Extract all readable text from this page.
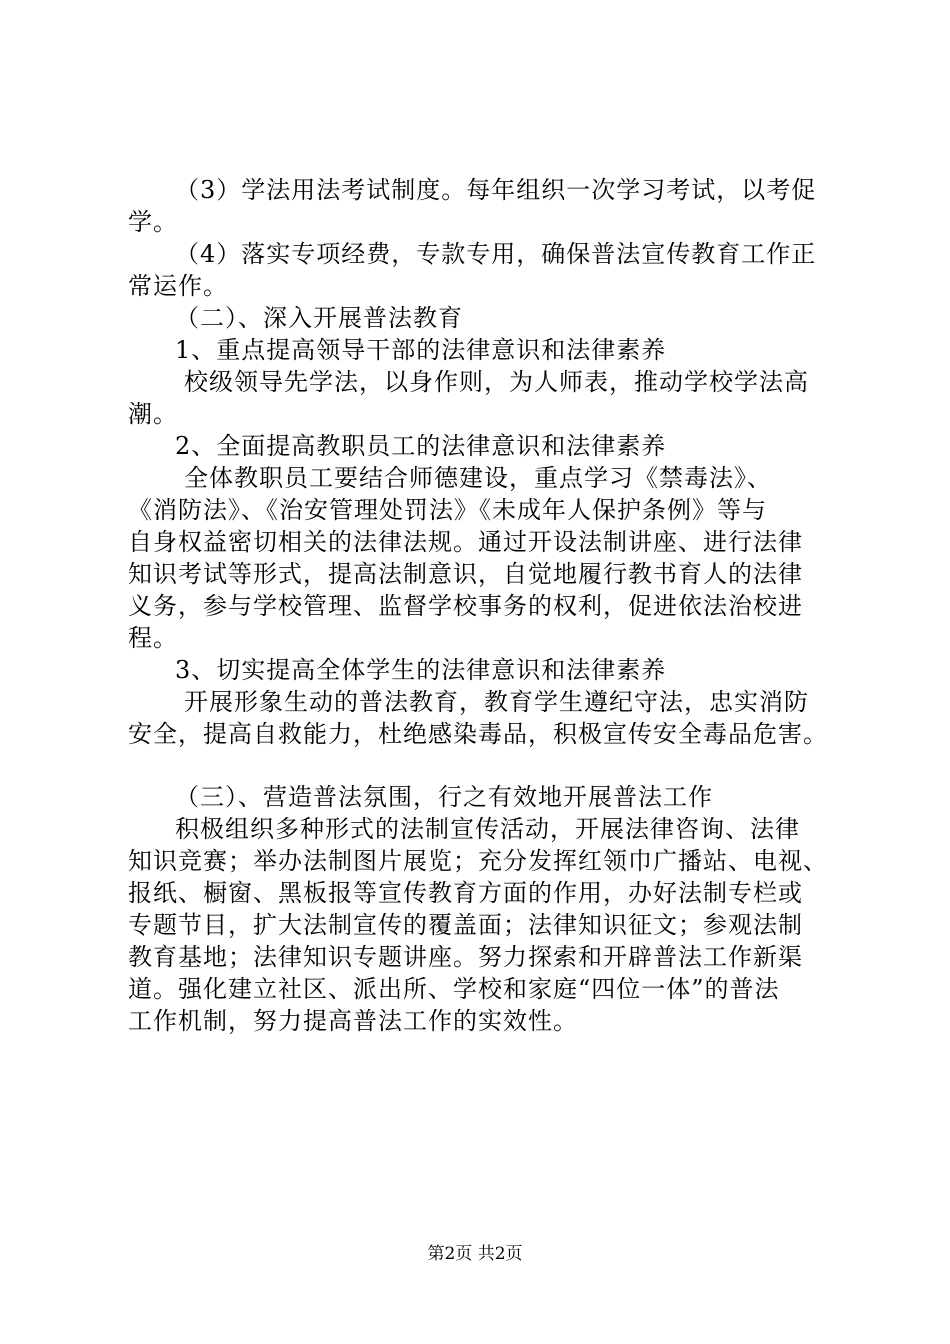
（3）学法用法考试制度。每年组织一次学习考试，以考促
学。
（4）落实专项经费，专款专用，确保普法宣传教育工作正
常运作。
（二）、深入开展普法教育
1、重点提高领导干部的法律意识和法律素养
校级领导先学法，以身作则，为人师表，推动学校学法高
潮。
2、全面提高教职员工的法律意识和法律素养
全体教职员工要结合师德建设，重点学习《禁毒法》、
《消防法》、《治安管理处罚法》《未成年人保护条例》等与
自身权益密切相关的法律法规。通过开设法制讲座、进行法律
知识考试等形式，提高法制意识，自觉地履行教书育人的法律
义务，参与学校管理、监督学校事务的权利，促进依法治校进
程。
3、切实提高全体学生的法律意识和法律素养
开展形象生动的普法教育，教育学生遵纪守法，忠实消防
安全，提高自救能力，杜绝感染毒品，积极宣传安全毒品危害。
（三）、营造普法氛围，行之有效地开展普法工作
积极组织多种形式的法制宣传活动，开展法律咨询、法律
知识竞赛；举办法制图片展览；充分发挥红领巾广播站、电视、
报纸、橱窗、黑板报等宣传教育方面的作用，办好法制专栏或
专题节目，扩大法制宣传的覆盖面；法律知识征文；参观法制
教育基地；法律知识专题讲座。努力探索和开辟普法工作新渠
道。强化建立社区、派出所、学校和家庭“四位一体”的普法
工作机制，努力提高普法工作的实效性。
第2页 共2页
